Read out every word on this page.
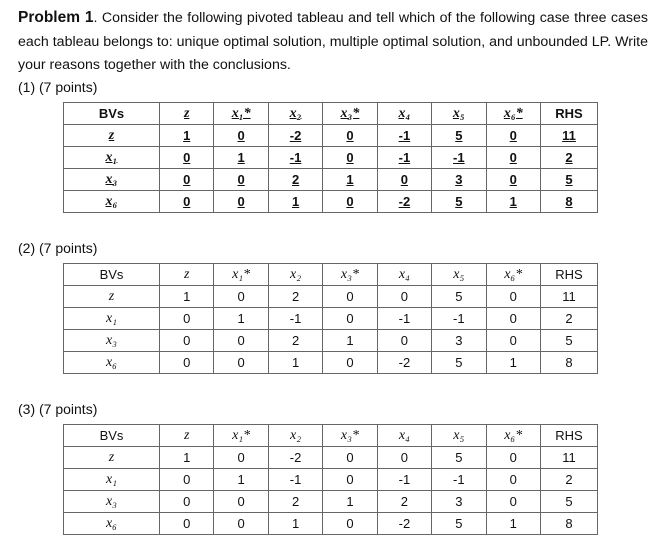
Problem 1. Consider the following pivoted tableau and tell which of the following case three cases each tableau belongs to: unique optimal solution, multiple optimal solution, and unbounded LP. Write your reasons together with the conclusions.
(1) (7 points)
BVs	z	x₁*	x₂	x₃*	x₄	x₅	x₆*	RHS
z	1	0	-2	0	-1	5	0	11
x₁	0	1	-1	0	-1	-1	0	2
x₃	0	0	2	1	0	3	0	5
x₆	0	0	1	0	-2	5	1	8
(2) (7 points)
BVs	z	x₁*	x₂	x₃*	x₄	x₅	x₆*	RHS
z	1	0	2	0	0	5	0	11
x₁	0	1	-1	0	-1	-1	0	2
x₃	0	0	2	1	0	3	0	5
x₆	0	0	1	0	-2	5	1	8
(3) (7 points)
BVs	z	x₁*	x₂	x₃*	x₄	x₅	x₆*	RHS
z	1	0	-2	0	0	5	0	11
x₁	0	1	-1	0	-1	-1	0	2
x₃	0	0	2	1	2	3	0	5
x₆	0	0	1	0	-2	5	1	8
